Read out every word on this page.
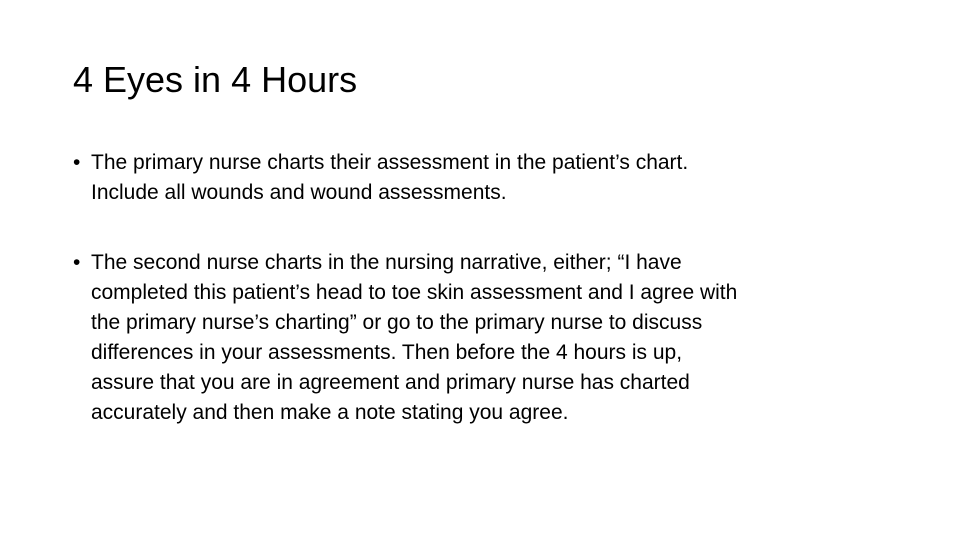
4 Eyes in 4 Hours
• The primary nurse charts their assessment in the patient’s chart.
Include all wounds and wound assessments.
• The second nurse charts in the nursing narrative, either; “I have
completed this patient’s head to toe skin assessment and I agree with
the primary nurse’s charting” or go to the primary nurse to discuss
differences in your assessments. Then before the 4 hours is up,
assure that you are in agreement and primary nurse has charted
accurately and then make a note stating you agree.
